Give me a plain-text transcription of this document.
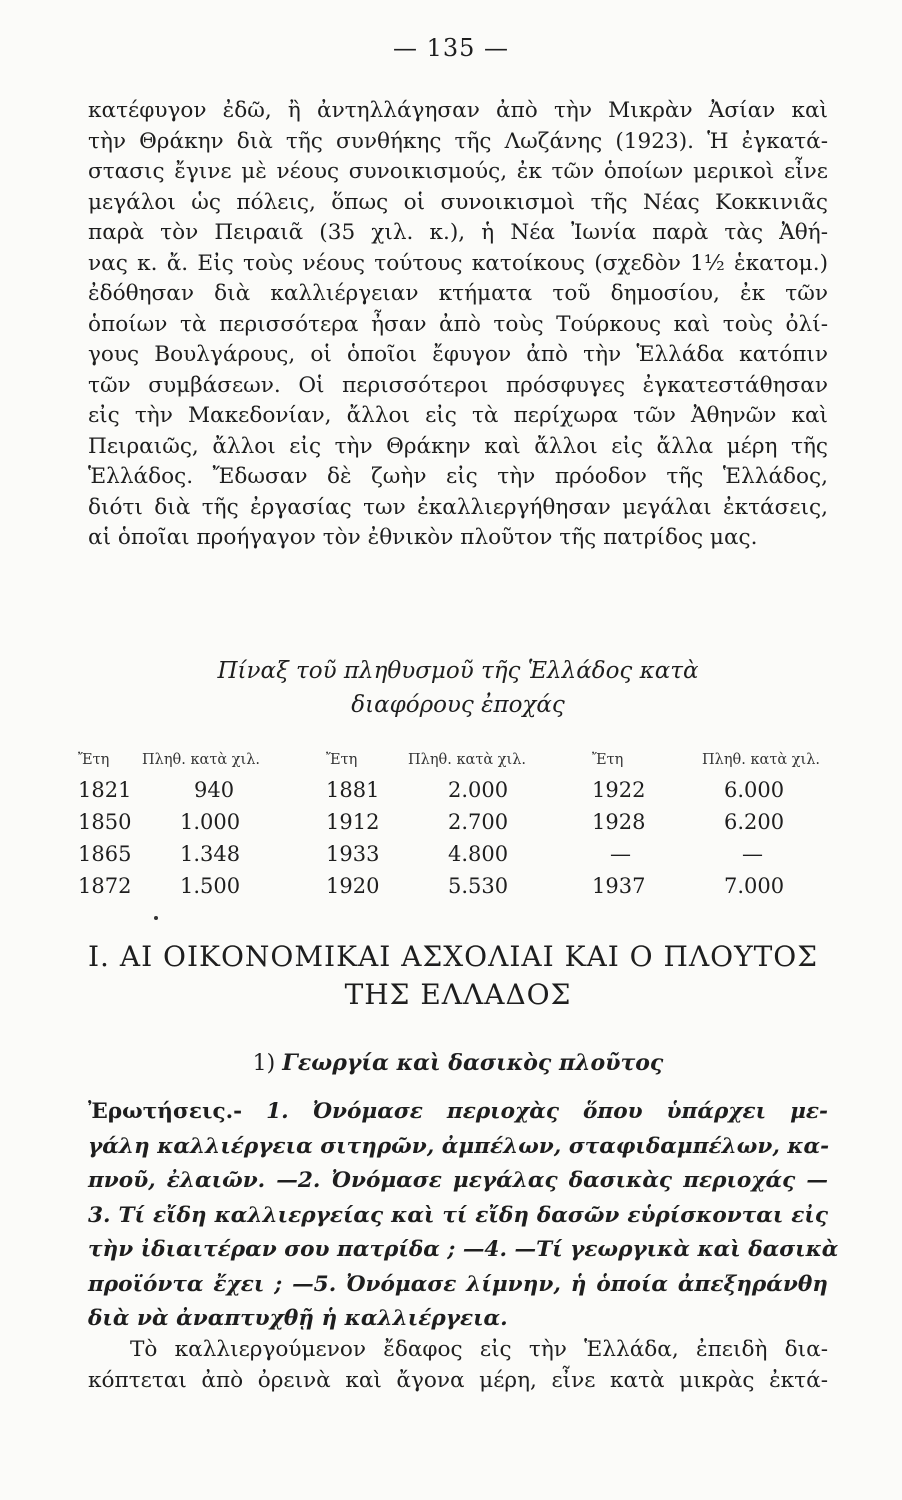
— 135 —
κατέφυγον ἐδῶ, ἢ ἀντηλλάγησαν ἀπὸ τὴν Μικρὰν Ἀσίαν καὶ
τὴν Θράκην διὰ τῆς συνθήκης τῆς Λωζάνης (1923). Ἡ ἐγκατά-
στασις ἔγινε μὲ νέους συνοικισμούς, ἐκ τῶν ὁποίων μερικοὶ εἶνε
μεγάλοι ὡς πόλεις, ὅπως οἱ συνοικισμοὶ τῆς Νέας Κοκκινιᾶς
παρὰ τὸν Πειραιᾶ (35 χιλ. κ.), ἡ Νέα Ἰωνία παρὰ τὰς Ἀθή-
νας κ. ἄ. Εἰς τοὺς νέους τούτους κατοίκους (σχεδὸν 1½ ἑκατομ.)
ἐδόθησαν διὰ καλλιέργειαν κτήματα τοῦ δημοσίου, ἐκ τῶν
ὁποίων τὰ περισσότερα ἦσαν ἀπὸ τοὺς Τούρκους καὶ τοὺς ὀλί-
γους Βουλγάρους, οἱ ὁποῖοι ἔφυγον ἀπὸ τὴν Ἑλλάδα κατόπιν
τῶν συμβάσεων. Οἱ περισσότεροι πρόσφυγες ἐγκατεστάθησαν
εἰς τὴν Μακεδονίαν, ἄλλοι εἰς τὰ περίχωρα τῶν Ἀθηνῶν καὶ
Πειραιῶς, ἄλλοι εἰς τὴν Θράκην καὶ ἄλλοι εἰς ἄλλα μέρη τῆς
Ἑλλάδος. Ἔδωσαν δὲ ζωὴν εἰς τὴν πρόοδον τῆς Ἑλλάδος,
διότι διὰ τῆς ἐργασίας των ἐκαλλιεργήθησαν μεγάλαι ἐκτάσεις,
αἱ ὁποῖαι προήγαγον τὸν ἐθνικὸν πλοῦτον τῆς πατρίδος μας.
Πίναξ τοῦ πληθυσμοῦ τῆς Ἑλλάδος κατὰ
διαφόρους ἐποχάς
Ἔτη	Πληθ. κατὰ χιλ.	Ἔτη	Πληθ. κατὰ χιλ.	Ἔτη	Πληθ. κατὰ χιλ.
1821	940	1881	2.000	1922	6.000
1850	1.000	1912	2.700	1928	6.200
1865	1.348	1933	4.800	—	—
1872	1.500	1920	5.530	1937	7.000
I. ΑΙ ΟΙΚΟΝΟΜΙΚΑΙ ΑΣΧΟΛΙΑΙ ΚΑΙ Ο ΠΛΟΥΤΟΣ
ΤΗΣ ΕΛΛΑΔΟΣ
1) Γεωργία καὶ δασικὸς πλοῦτος
Ἐρωτήσεις.- 1. Ὀνόμασε περιοχὰς ὅπου ὑπάρχει με-
γάλη καλλιέργεια σιτηρῶν, ἀμπέλων, σταφιδαμπέλων, κα-
πνοῦ, ἐλαιῶν. —2. Ὀνόμασε μεγάλας δασικὰς περιοχάς —
3. Τί εἴδη καλλιεργείας καὶ τί εἴδη δασῶν εὑρίσκονται εἰς
τὴν ἰδιαιτέραν σου πατρίδα ; —4. —Τί γεωργικὰ καὶ δασικὰ
προϊόντα ἔχει ; —5. Ὀνόμασε λίμνην, ἡ ὁποία ἀπεξηράνθη
διὰ νὰ ἀναπτυχθῇ ἡ καλλιέργεια.
Τὸ καλλιεργούμενον ἔδαφος εἰς τὴν Ἑλλάδα, ἐπειδὴ δια-
κόπτεται ἀπὸ ὀρεινὰ καὶ ἄγονα μέρη, εἶνε κατὰ μικρὰς ἐκτά-
